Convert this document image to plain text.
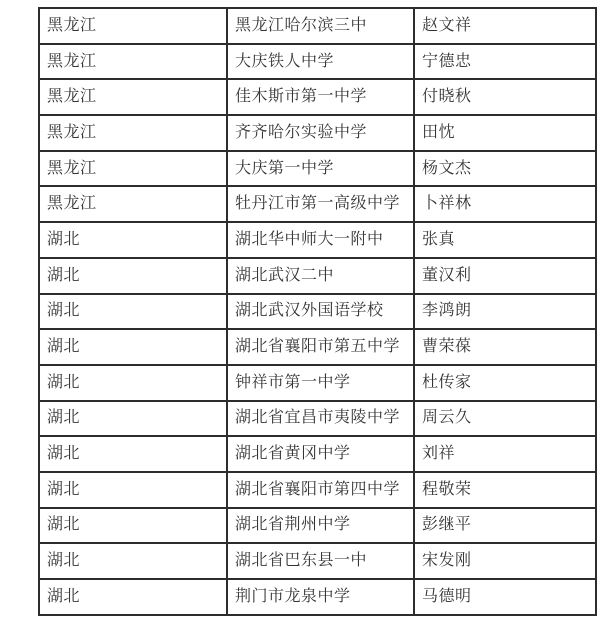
黑龙江	黑龙江哈尔滨三中	赵文祥
黑龙江	大庆铁人中学	宁德忠
黑龙江	佳木斯市第一中学	付晓秋
黑龙江	齐齐哈尔实验中学	田忱
黑龙江	大庆第一中学	杨文杰
黑龙江	牡丹江市第一高级中学	卜祥林
湖北	湖北华中师大一附中	张真
湖北	湖北武汉二中	董汉利
湖北	湖北武汉外国语学校	李鸿朗
湖北	湖北省襄阳市第五中学	曹荣葆
湖北	钟祥市第一中学	杜传家
湖北	湖北省宜昌市夷陵中学	周云久
湖北	湖北省黄冈中学	刘祥
湖北	湖北省襄阳市第四中学	程敬荣
湖北	湖北省荆州中学	彭继平
湖北	湖北省巴东县一中	宋发刚
湖北	荆门市龙泉中学	马德明
